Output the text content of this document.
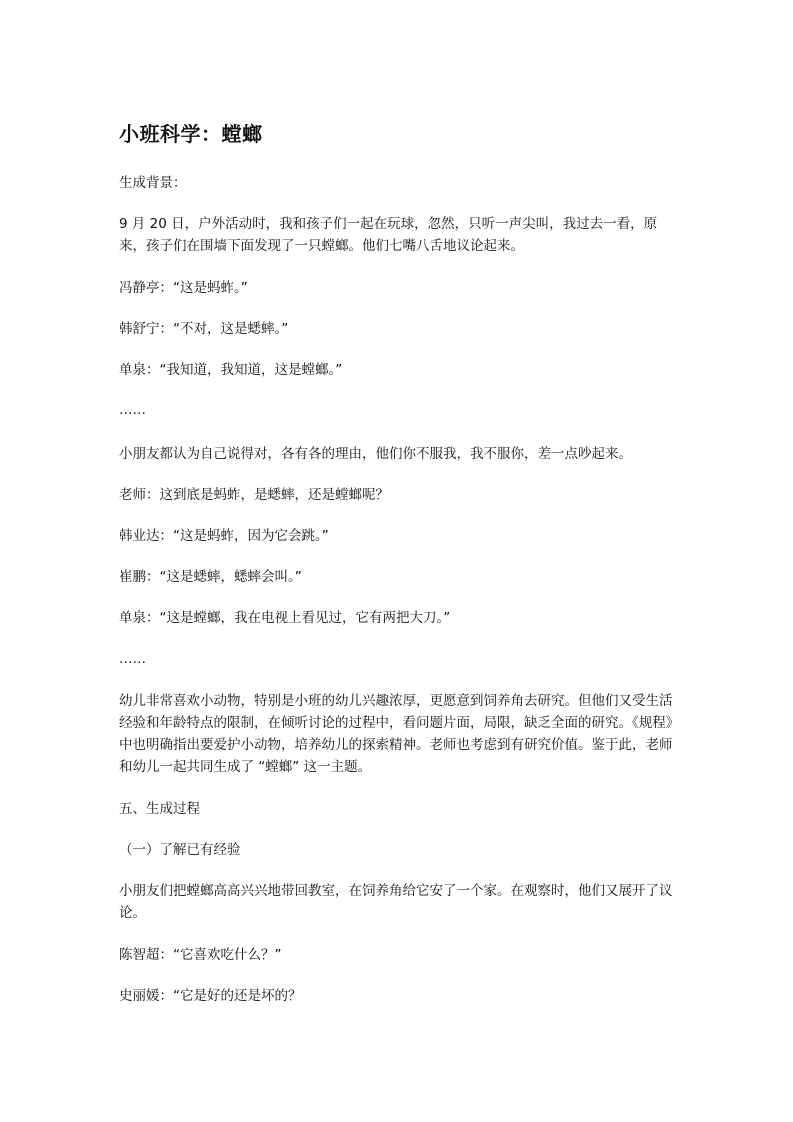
小班科学：螳螂

生成背景：

9 月 20 日，户外活动时，我和孩子们一起在玩球，忽然，只听一声尖叫，我过去一看，原来，孩子们在围墙下面发现了一只螳螂。他们七嘴八舌地议论起来。

冯静亭：“这是蚂蚱。”

韩舒宁：“不对，这是蟋蟀。”

单泉：“我知道，我知道，这是螳螂。”

……

小朋友都认为自己说得对，各有各的理由，他们你不服我，我不服你，差一点吵起来。

老师：这到底是蚂蚱，是蟋蟀，还是螳螂呢？

韩业达：“这是蚂蚱，因为它会跳。”

崔鹏：“这是蟋蟀，蟋蟀会叫。”

单泉：“这是螳螂，我在电视上看见过，它有两把大刀。”

……

幼儿非常喜欢小动物，特别是小班的幼儿兴趣浓厚，更愿意到饲养角去研究。但他们又受生活经验和年龄特点的限制，在倾听讨论的过程中，看问题片面，局限，缺乏全面的研究。《规程》中也明确指出要爱护小动物，培养幼儿的探索精神。老师也考虑到有研究价值。鉴于此，老师和幼儿一起共同生成了 “螳螂” 这一主题。

五、生成过程

（一）了解已有经验

小朋友们把螳螂高高兴兴地带回教室，在饲养角给它安了一个家。在观察时，他们又展开了议论。

陈智超：“它喜欢吃什么？”

史丽媛：“它是好的还是坏的？
